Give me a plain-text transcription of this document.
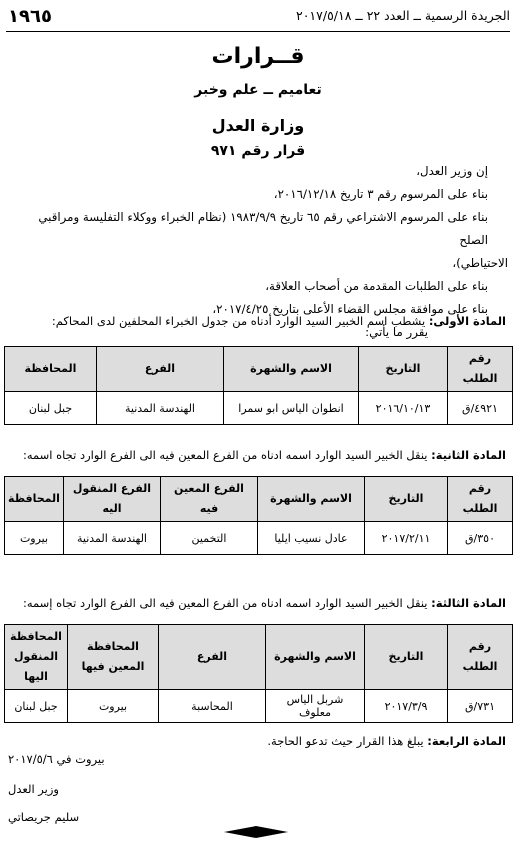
١٩٦٥	الجريدة الرسمية ــ العدد ٢٢ ــ ٢٠١٧/٥/١٨
قــرارات
تعاميم ــ علم وخبر
وزارة العدل
قرار رقم ٩٧١

إن وزير العدل،

بناء على المرسوم رقم ٣ تاريخ ٢٠١٦/١٢/١٨،

بناء على المرسوم الاشتراعي رقم ٦٥ تاريخ ١٩٨٣/٩/٩ (نظام الخبراء ووكلاء التفليسة ومراقبي الصلح

الاحتياطي)،

بناء على الطلبات المقدمة من أصحاب العلاقة،

بناء على موافقة مجلس القضاء الأعلى بتاريخ ٢٠١٧/٤/٢٥،

يقرر ما يأتي:

المادة الأولى: يشطب اسم الخبير السيد الوارد أدناه من جدول الخبراء المحلفين لدى المحاكم:
رقم الطلب	التاريخ	الاسم والشهرة	الفرع	المحافظة
٤٩٢١/ق	٢٠١٦/١٠/١٣	انطوان الياس ابو سمرا	الهندسة المدنية	جبل لبنان
المادة الثانية: ينقل الخبير السيد الوارد اسمه ادناه من الفرع المعين فيه الى الفرع الوارد تجاه اسمه:
رقم الطلب	التاريخ	الاسم والشهرة	الفرع المعين فيه	الفرع المنقول اليه	المحافظة
٣٥٠/ق	٢٠١٧/٢/١١	عادل نسيب ايليا	التخمين	الهندسة المدنية	بيروت
المادة الثالثة: ينقل الخبير السيد الوارد اسمه ادناه من الفرع المعين فيه الى الفرع الوارد تجاه إسمه:
رقم الطلب	التاريخ	الاسم والشهرة	الفرع	المحافظة المعين فيها	المحافظة المنقول اليها
٧٣١/ق	٢٠١٧/٣/٩	شربل الياس معلوف	المحاسبة	بيروت	جبل لبنان
المادة الرابعة: يبلغ هذا القرار حيث تدعو الحاجة.
بيروت في ٢٠١٧/٥/٦
وزير العدل
سليم جريصاتي
